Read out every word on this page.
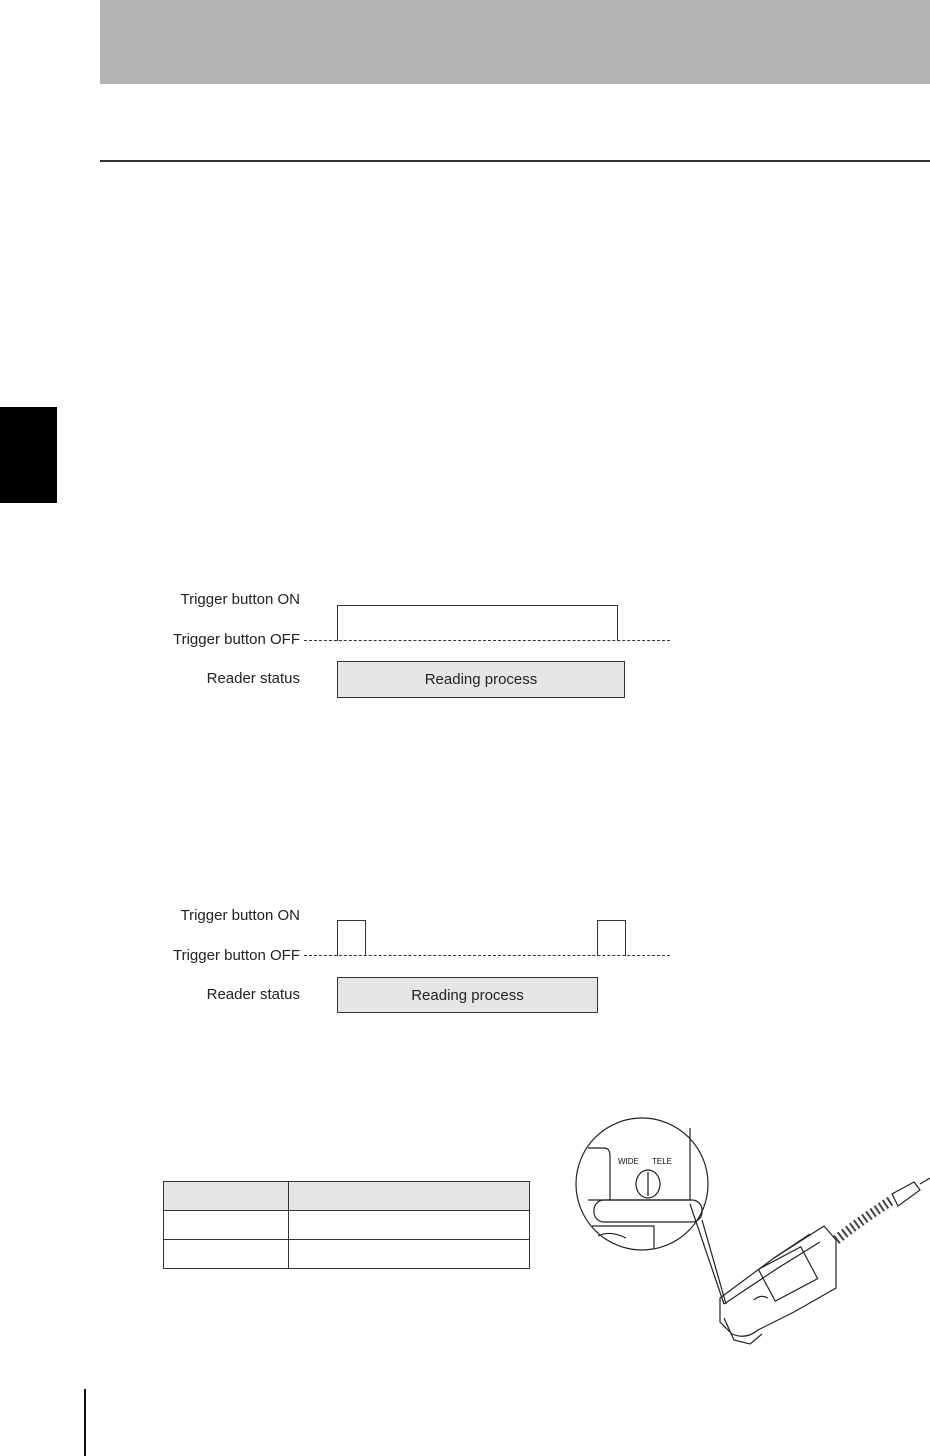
Trigger button ON
Trigger button OFF
Reader status	Reading process
Trigger button ON
Trigger button OFF
Reader status	Reading process

WIDE TELE
